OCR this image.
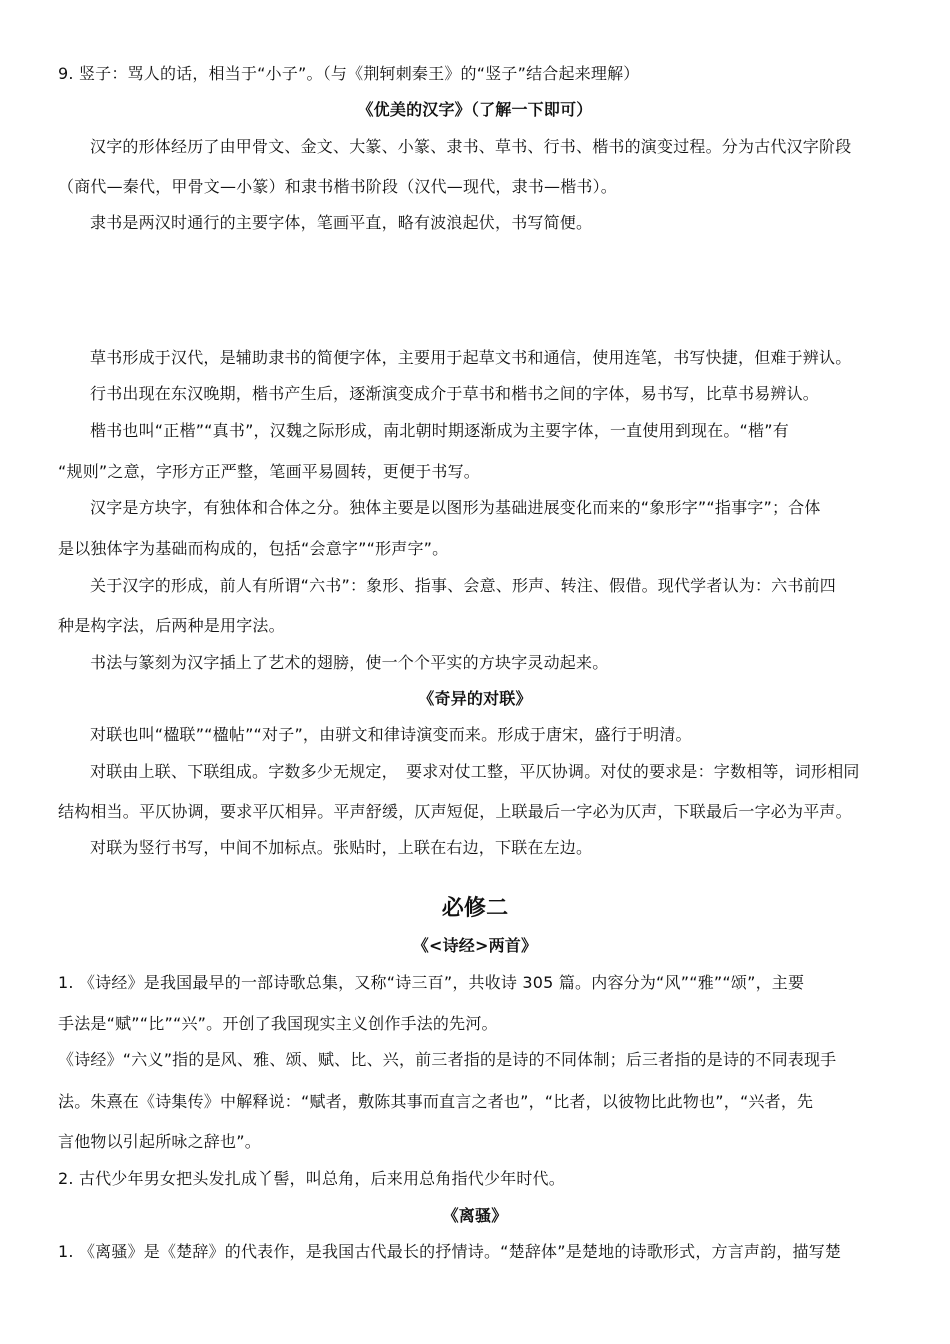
9. 竖子：骂人的话，相当于“小子”。（与《荆轲刺秦王》的“竖子”结合起来理解）
《优美的汉字》（了解一下即可）
汉字的形体经历了由甲骨文、金文、大篆、小篆、隶书、草书、行书、楷书的演变过程。分为古代汉字阶段
（商代—秦代，甲骨文—小篆）和隶书楷书阶段（汉代—现代，隶书—楷书）。
隶书是两汉时通行的主要字体，笔画平直，略有波浪起伏，书写简便。
草书形成于汉代，是辅助隶书的简便字体，主要用于起草文书和通信，使用连笔，书写快捷，但难于辨认。
行书出现在东汉晚期，楷书产生后，逐渐演变成介于草书和楷书之间的字体，易书写，比草书易辨认。
楷书也叫“正楷”“真书”，汉魏之际形成，南北朝时期逐渐成为主要字体，一直使用到现在。“楷”有
“规则”之意，字形方正严整，笔画平易圆转，更便于书写。
汉字是方块字，有独体和合体之分。独体主要是以图形为基础进展变化而来的“象形字”“指事字”；合体
是以独体字为基础而构成的，包括“会意字”“形声字”。
关于汉字的形成，前人有所谓“六书”：象形、指事、会意、形声、转注、假借。现代学者认为：六书前四
种是构字法，后两种是用字法。
书法与篆刻为汉字插上了艺术的翅膀，使一个个平实的方块字灵动起来。
《奇异的对联》
对联也叫“楹联”“楹帖”“对子”，由骈文和律诗演变而来。形成于唐宋，盛行于明清。
对联由上联、下联组成。字数多少无规定，　要求对仗工整，平仄协调。对仗的要求是：字数相等，词形相同
结构相当。平仄协调，要求平仄相异。平声舒缓，仄声短促，上联最后一字必为仄声，下联最后一字必为平声。
对联为竖行书写，中间不加标点。张贴时，上联在右边，下联在左边。
必修二
《<诗经>两首》
1. 《诗经》是我国最早的一部诗歌总集，又称“诗三百”，共收诗 305 篇。内容分为“风”“雅”“颂”，主要
手法是“赋”“比”“兴”。开创了我国现实主义创作手法的先河。
《诗经》“六义”指的是风、雅、颂、赋、比、兴，前三者指的是诗的不同体制；后三者指的是诗的不同表现手
法。朱熹在《诗集传》中解释说：“赋者，敷陈其事而直言之者也”，“比者，以彼物比此物也”，“兴者，先
言他物以引起所咏之辞也”。
2. 古代少年男女把头发扎成丫髻，叫总角，后来用总角指代少年时代。
《离骚》
1. 《离骚》是《楚辞》的代表作，是我国古代最长的抒情诗。“楚辞体”是楚地的诗歌形式，方言声韵，描写楚
